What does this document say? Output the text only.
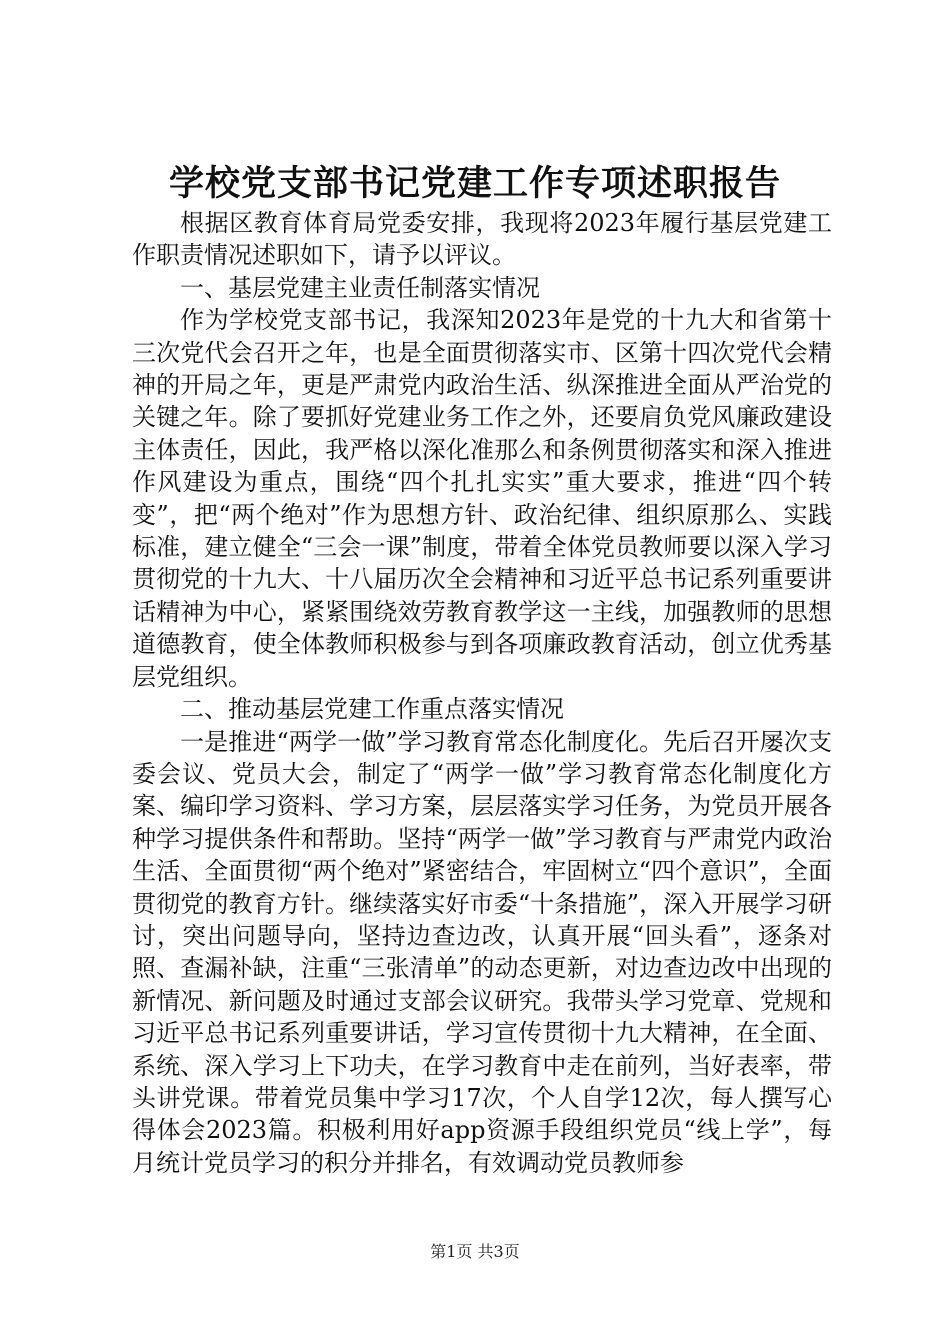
学校党支部书记党建工作专项述职报告

根据区教育体育局党委安排，我现将2023年履行基层党建工作职责情况述职如下，请予以评议。

一、基层党建主业责任制落实情况

作为学校党支部书记，我深知2023年是党的十九大和省第十三次党代会召开之年，也是全面贯彻落实市、区第十四次党代会精神的开局之年，更是严肃党内政治生活、纵深推进全面从严治党的关键之年。除了要抓好党建业务工作之外，还要肩负党风廉政建设主体责任，因此，我严格以深化准那么和条例贯彻落实和深入推进作风建设为重点，围绕“四个扎扎实实”重大要求，推进“四个转变”，把“两个绝对”作为思想方针、政治纪律、组织原那么、实践标准，建立健全“三会一课”制度，带着全体党员教师要以深入学习贯彻党的十九大、十八届历次全会精神和习近平总书记系列重要讲话精神为中心，紧紧围绕效劳教育教学这一主线，加强教师的思想道德教育，使全体教师积极参与到各项廉政教育活动，创立优秀基层党组织。

二、推动基层党建工作重点落实情况

一是推进“两学一做”学习教育常态化制度化。先后召开屡次支委会议、党员大会，制定了“两学一做”学习教育常态化制度化方案、编印学习资料、学习方案，层层落实学习任务，为党员开展各种学习提供条件和帮助。坚持“两学一做”学习教育与严肃党内政治生活、全面贯彻“两个绝对”紧密结合，牢固树立“四个意识”，全面贯彻党的教育方针。继续落实好市委“十条措施”，深入开展学习研讨，突出问题导向，坚持边查边改，认真开展“回头看”，逐条对照、查漏补缺，注重“三张清单”的动态更新，对边查边改中出现的新情况、新问题及时通过支部会议研究。我带头学习党章、党规和习近平总书记系列重要讲话，学习宣传贯彻十九大精神，在全面、系统、深入学习上下功夫，在学习教育中走在前列，当好表率，带头讲党课。带着党员集中学习17次，个人自学12次，每人撰写心得体会2023篇。积极利用好app资源手段组织党员“线上学”，每月统计党员学习的积分并排名，有效调动党员教师参

第1页 共3页
